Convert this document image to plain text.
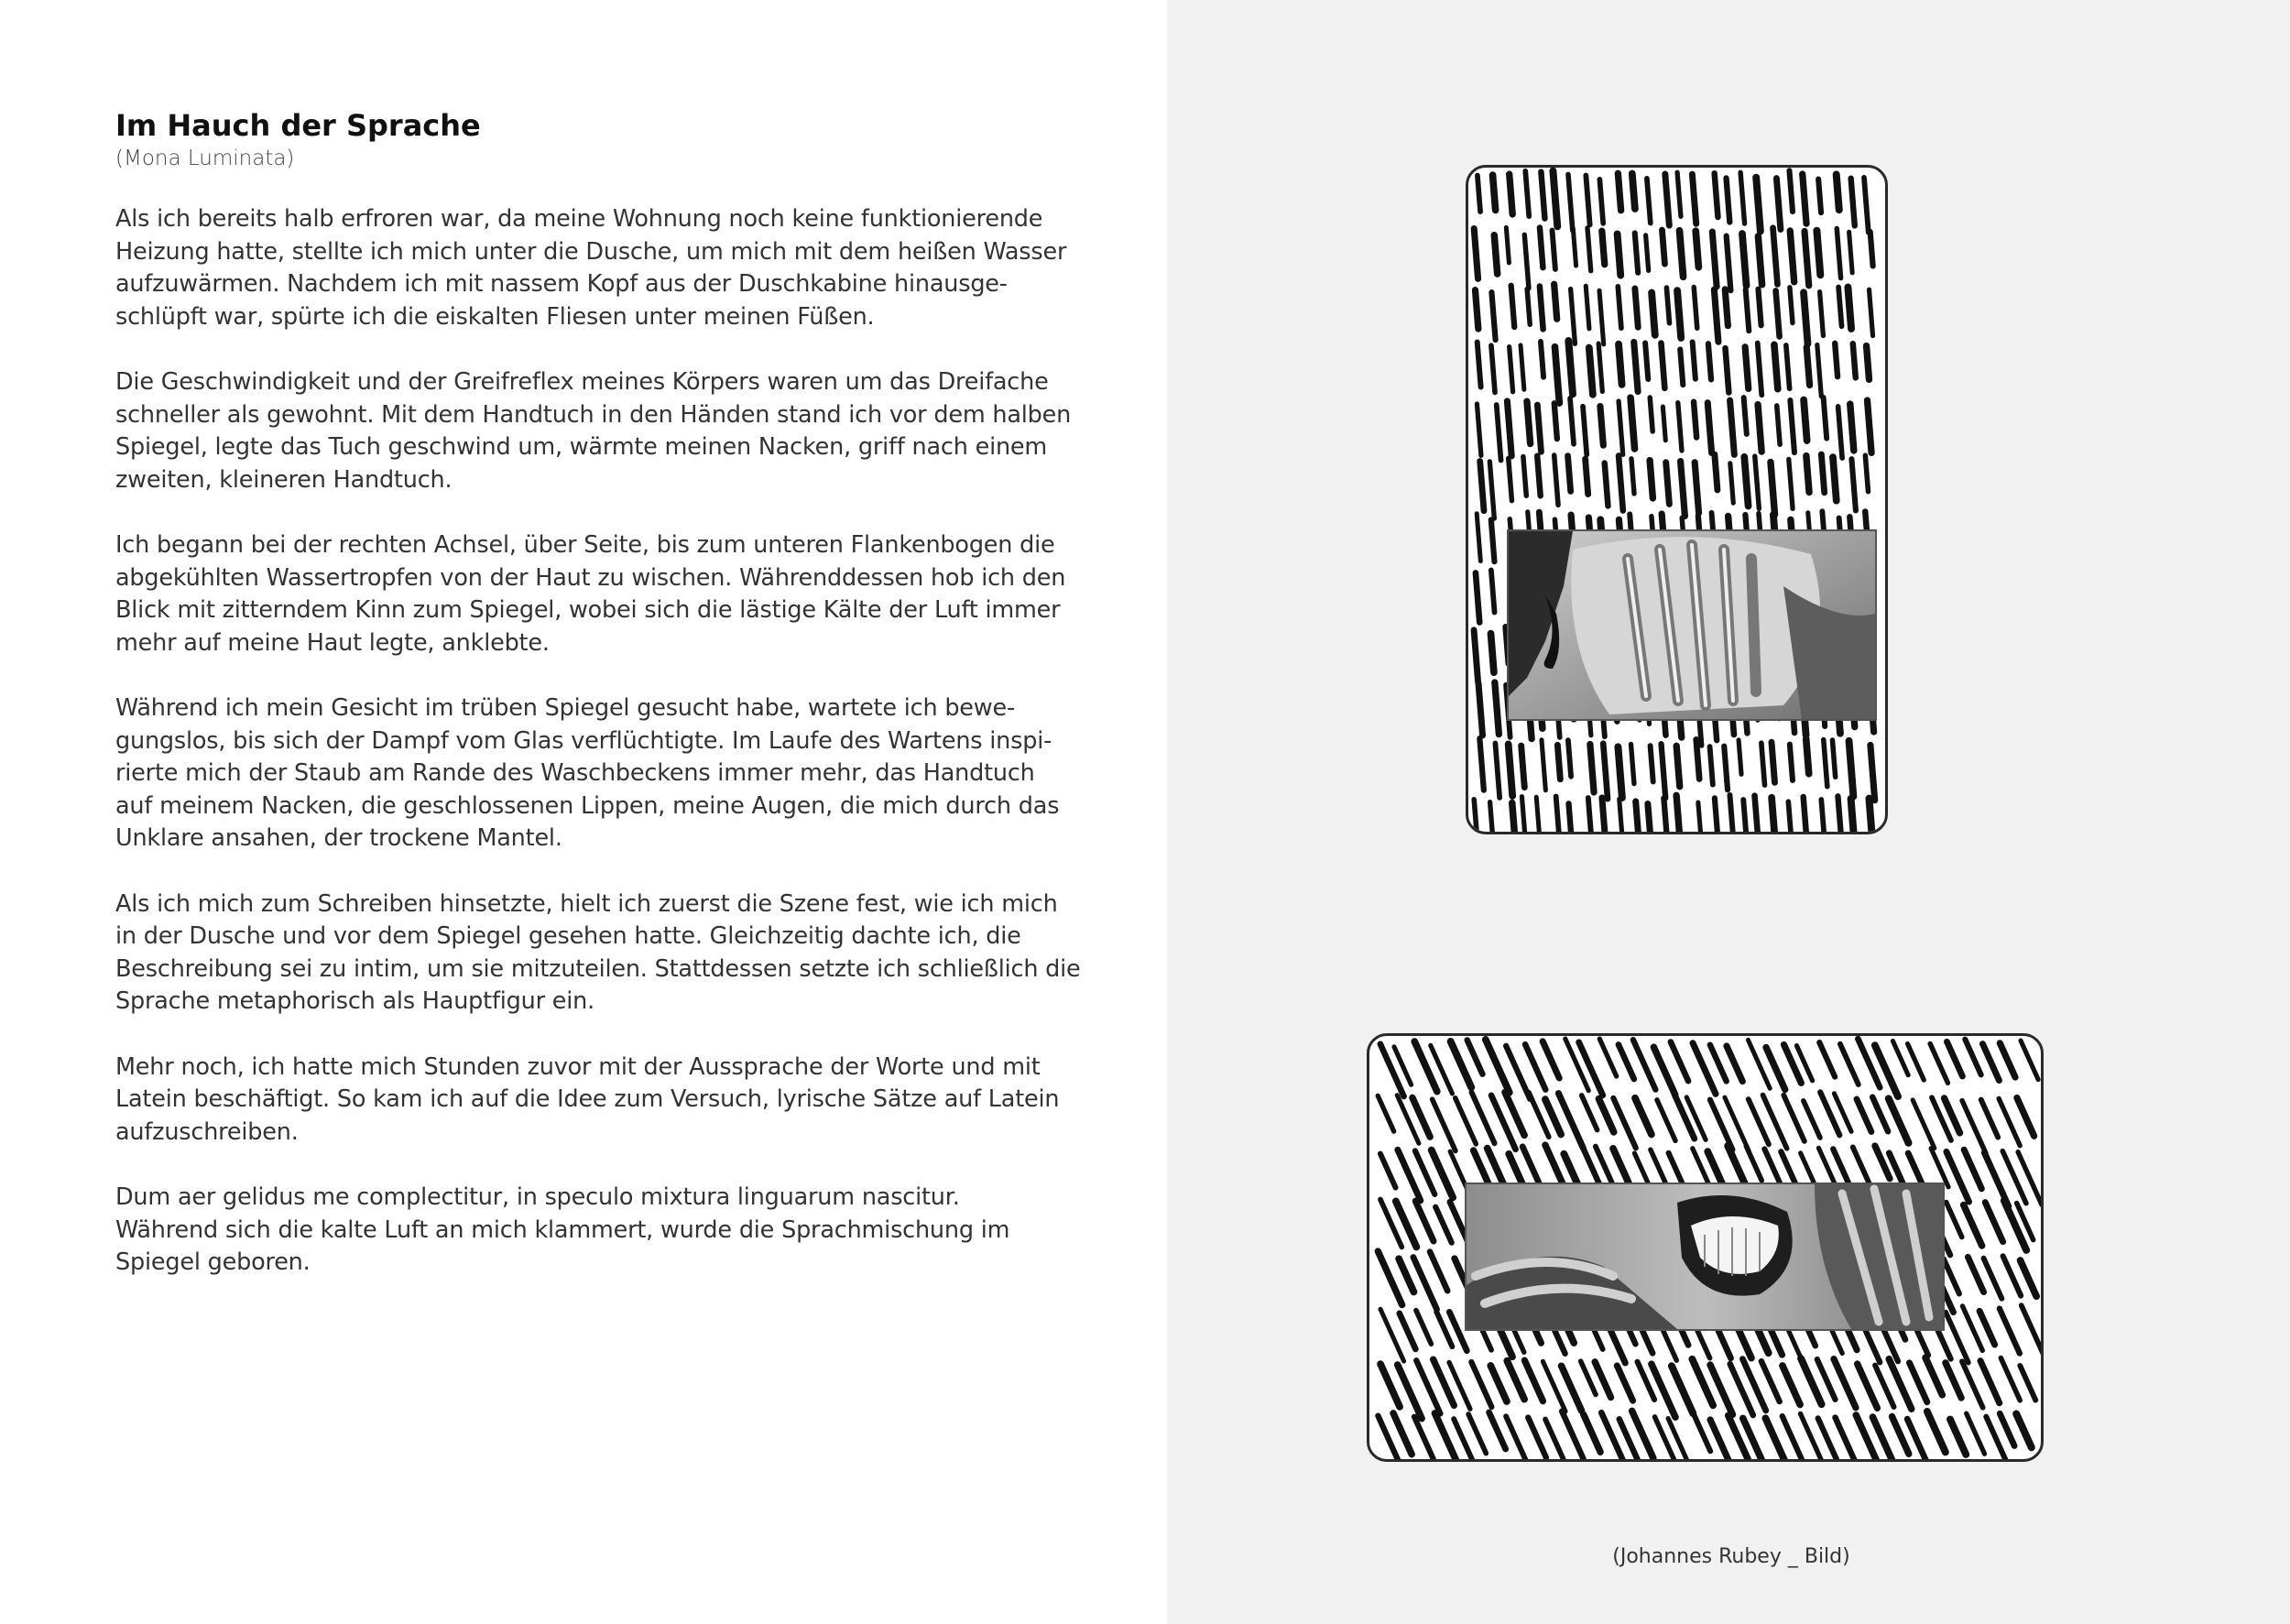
Im Hauch der Sprache

(Mona Luminata)

Als ich bereits halb erfroren war, da meine Wohnung noch keine funktionierende
Heizung hatte, stellte ich mich unter die Dusche, um mich mit dem heißen Wasser
aufzuwärmen. Nachdem ich mit nassem Kopf aus der Duschkabine hinausge-
schlüpft war, spürte ich die eiskalten Fliesen unter meinen Füßen.

Die Geschwindigkeit und der Greifreflex meines Körpers waren um das Dreifache
schneller als gewohnt. Mit dem Handtuch in den Händen stand ich vor dem halben
Spiegel, legte das Tuch geschwind um, wärmte meinen Nacken, griff nach einem
zweiten, kleineren Handtuch.

Ich begann bei der rechten Achsel, über Seite, bis zum unteren Flankenbogen die
abgekühlten Wassertropfen von der Haut zu wischen. Währenddessen hob ich den
Blick mit zitterndem Kinn zum Spiegel, wobei sich die lästige Kälte der Luft immer
mehr auf meine Haut legte, anklebte.

Während ich mein Gesicht im trüben Spiegel gesucht habe, wartete ich bewe-
gungslos, bis sich der Dampf vom Glas verflüchtigte. Im Laufe des Wartens inspi-
rierte mich der Staub am Rande des Waschbeckens immer mehr, das Handtuch
auf meinem Nacken, die geschlossenen Lippen, meine Augen, die mich durch das
Unklare ansahen, der trockene Mantel.

Als ich mich zum Schreiben hinsetzte, hielt ich zuerst die Szene fest, wie ich mich
in der Dusche und vor dem Spiegel gesehen hatte. Gleichzeitig dachte ich, die
Beschreibung sei zu intim, um sie mitzuteilen. Stattdessen setzte ich schließlich die
Sprache metaphorisch als Hauptfigur ein.

Mehr noch, ich hatte mich Stunden zuvor mit der Aussprache der Worte und mit
Latein beschäftigt. So kam ich auf die Idee zum Versuch, lyrische Sätze auf Latein
aufzuschreiben.

Dum aer gelidus me complectitur, in speculo mixtura linguarum nascitur.
Während sich die kalte Luft an mich klammert, wurde die Sprachmischung im
Spiegel geboren.

(Johannes Rubey _ Bild)
